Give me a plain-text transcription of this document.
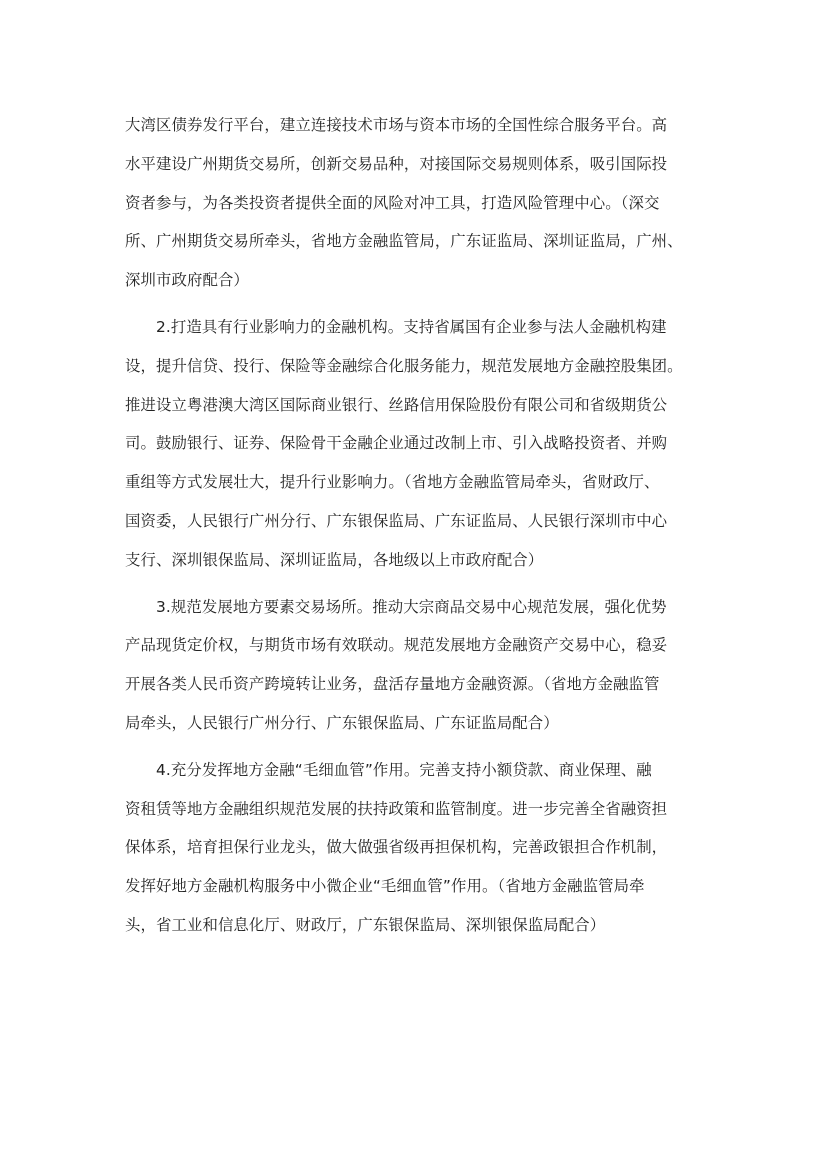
大湾区债券发行平台，建立连接技术市场与资本市场的全国性综合服务平台。高
水平建设广州期货交易所，创新交易品种，对接国际交易规则体系，吸引国际投
资者参与，为各类投资者提供全面的风险对冲工具，打造风险管理中心。（深交
所、广州期货交易所牵头，省地方金融监管局，广东证监局、深圳证监局，广州、
深圳市政府配合）
　　2.打造具有行业影响力的金融机构。支持省属国有企业参与法人金融机构建
设，提升信贷、投行、保险等金融综合化服务能力，规范发展地方金融控股集团。
推进设立粤港澳大湾区国际商业银行、丝路信用保险股份有限公司和省级期货公
司。鼓励银行、证券、保险骨干金融企业通过改制上市、引入战略投资者、并购
重组等方式发展壮大，提升行业影响力。（省地方金融监管局牵头，省财政厅、
国资委，人民银行广州分行、广东银保监局、广东证监局、人民银行深圳市中心
支行、深圳银保监局、深圳证监局，各地级以上市政府配合）
　　3.规范发展地方要素交易场所。推动大宗商品交易中心规范发展，强化优势
产品现货定价权，与期货市场有效联动。规范发展地方金融资产交易中心，稳妥
开展各类人民币资产跨境转让业务，盘活存量地方金融资源。（省地方金融监管
局牵头，人民银行广州分行、广东银保监局、广东证监局配合）
　　4.充分发挥地方金融“毛细血管”作用。完善支持小额贷款、商业保理、融
资租赁等地方金融组织规范发展的扶持政策和监管制度。进一步完善全省融资担
保体系，培育担保行业龙头，做大做强省级再担保机构，完善政银担合作机制，
发挥好地方金融机构服务中小微企业“毛细血管”作用。（省地方金融监管局牵
头，省工业和信息化厅、财政厅，广东银保监局、深圳银保监局配合）
